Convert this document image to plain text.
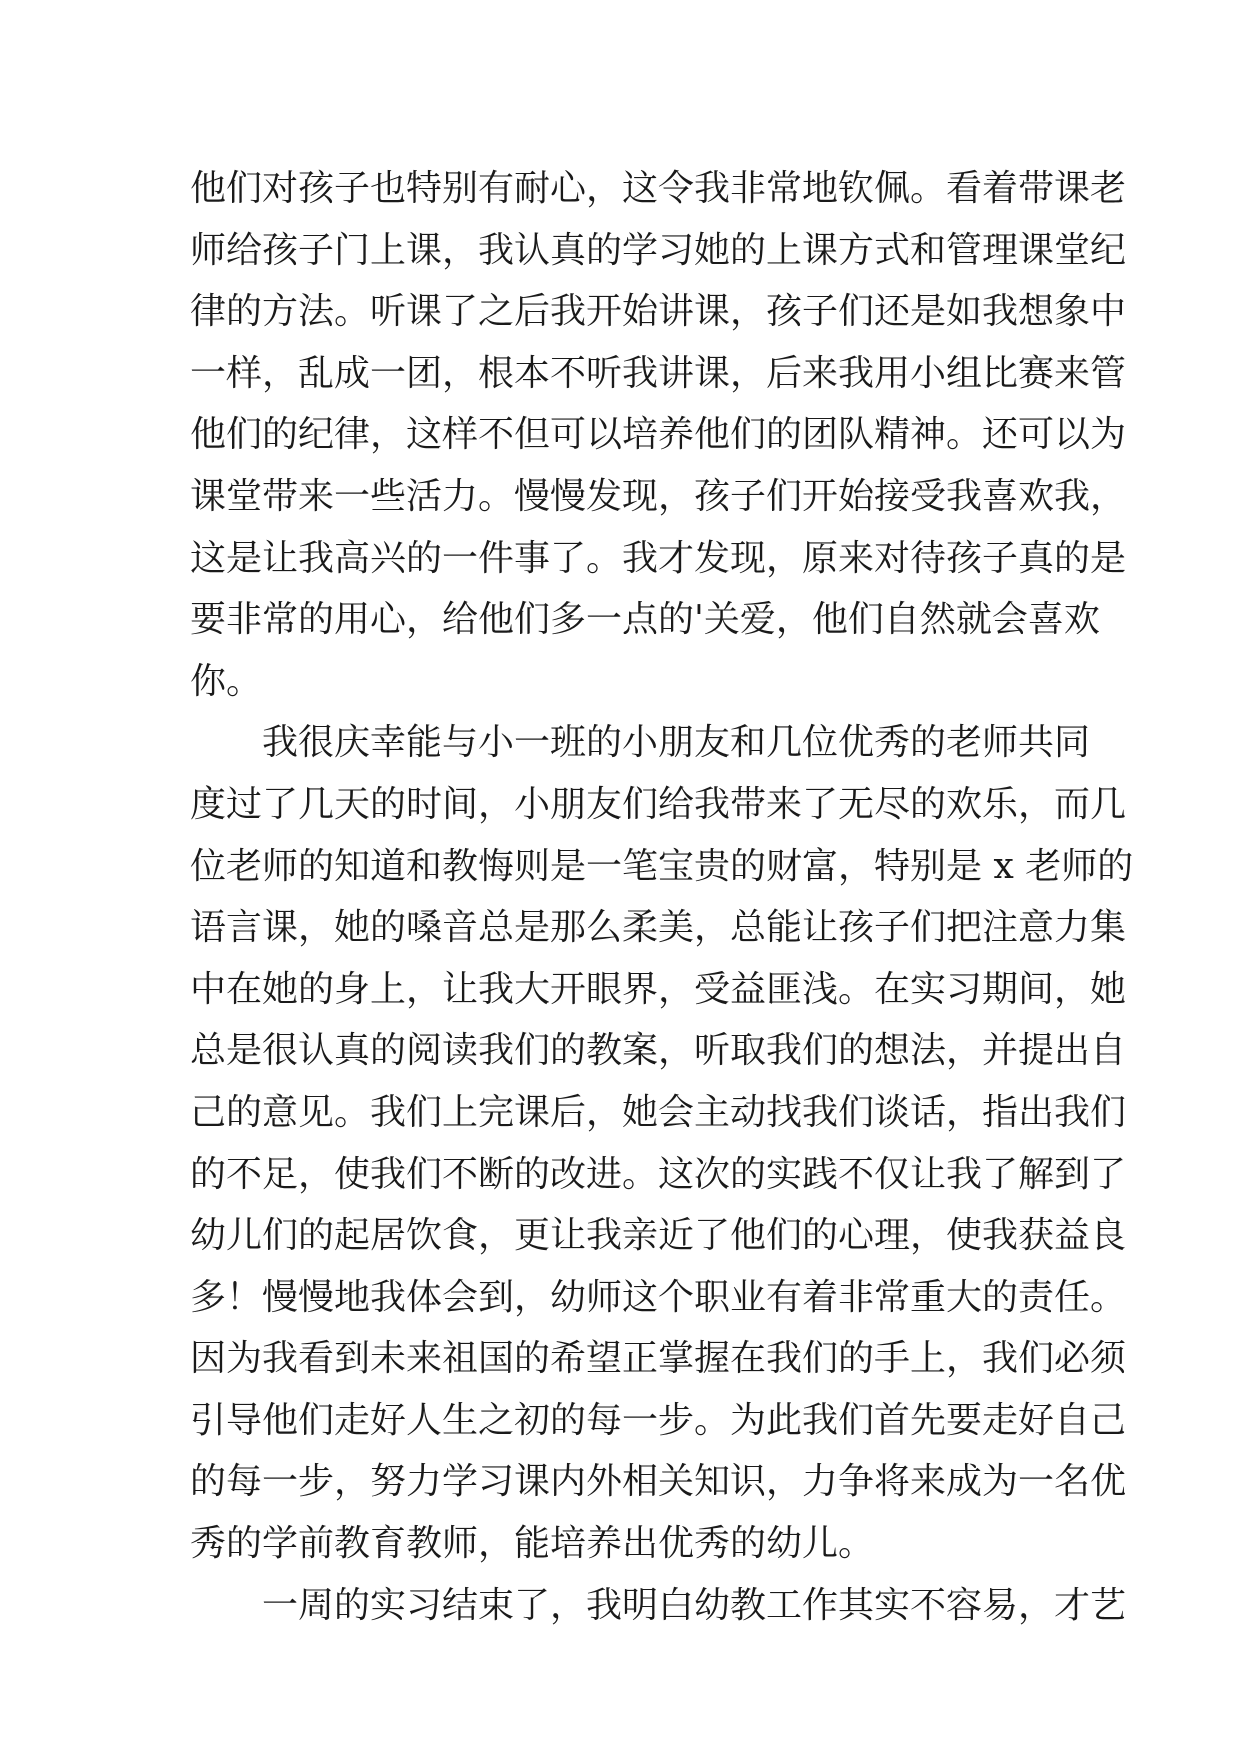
他们对孩子也特别有耐心，这令我非常地钦佩。看着带课老
师给孩子门上课，我认真的学习她的上课方式和管理课堂纪
律的方法。听课了之后我开始讲课，孩子们还是如我想象中
一样，乱成一团，根本不听我讲课，后来我用小组比赛来管
他们的纪律，这样不但可以培养他们的团队精神。还可以为
课堂带来一些活力。慢慢发现，孩子们开始接受我喜欢我，
这是让我高兴的一件事了。我才发现，原来对待孩子真的是
要非常的用心，给他们多一点的'关爱，他们自然就会喜欢
你。
我很庆幸能与小一班的小朋友和几位优秀的老师共同
度过了几天的时间，小朋友们给我带来了无尽的欢乐，而几
位老师的知道和教悔则是一笔宝贵的财富，特别是 x 老师的
语言课，她的嗓音总是那么柔美，总能让孩子们把注意力集
中在她的身上，让我大开眼界，受益匪浅。在实习期间，她
总是很认真的阅读我们的教案，听取我们的想法，并提出自
己的意见。我们上完课后，她会主动找我们谈话，指出我们
的不足，使我们不断的改进。这次的实践不仅让我了解到了
幼儿们的起居饮食，更让我亲近了他们的心理，使我获益良
多！慢慢地我体会到，幼师这个职业有着非常重大的责任。
因为我看到未来祖国的希望正掌握在我们的手上，我们必须
引导他们走好人生之初的每一步。为此我们首先要走好自己
的每一步，努力学习课内外相关知识，力争将来成为一名优
秀的学前教育教师，能培养出优秀的幼儿。
一周的实习结束了，我明白幼教工作其实不容易，才艺
